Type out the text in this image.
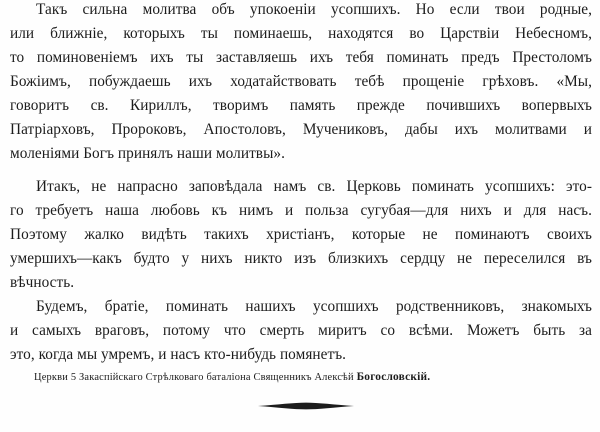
Такъ сильна молитва объ упокоеніи усопшихъ. Но если твои родные,
или ближніе, которыхъ ты поминаешь, находятся во Царствіи Небесномъ,
то поминовеніемъ ихъ ты заставляешь ихъ тебя поминать предъ Престоломъ
Божіимъ, побуждаешь ихъ ходатайствовать тебѣ прощеніе грѣховъ. «Мы,
говоритъ св. Кириллъ, творимъ память прежде почившихъ вопервыхъ
Патріарховъ, Пророковъ, Апостоловъ, Мучениковъ, дабы ихъ молитвами и
моленіями Богъ принялъ наши молитвы».

Итакъ, не напрасно заповѣдала намъ св. Церковь поминать усопшихъ: это-
го требуетъ наша любовь къ нимъ и польза сугубая—для нихъ и для насъ.
Поэтому жалко видѣть такихъ христіанъ, которые не поминаютъ своихъ
умершихъ—какъ будто у нихъ никто изъ близкихъ сердцу не переселился въ
вѣчность.

Будемъ, братіе, поминать нашихъ усопшихъ родственниковъ, знакомыхъ
и самыхъ враговъ, потому что смерть миритъ со всѣми. Можетъ быть за
это, когда мы умремъ, и насъ кто-нибудь помянетъ.

Церкви 5 Закаспійскаго Стрѣлковаго баталіона Священникъ Алексѣй Богословскій.
